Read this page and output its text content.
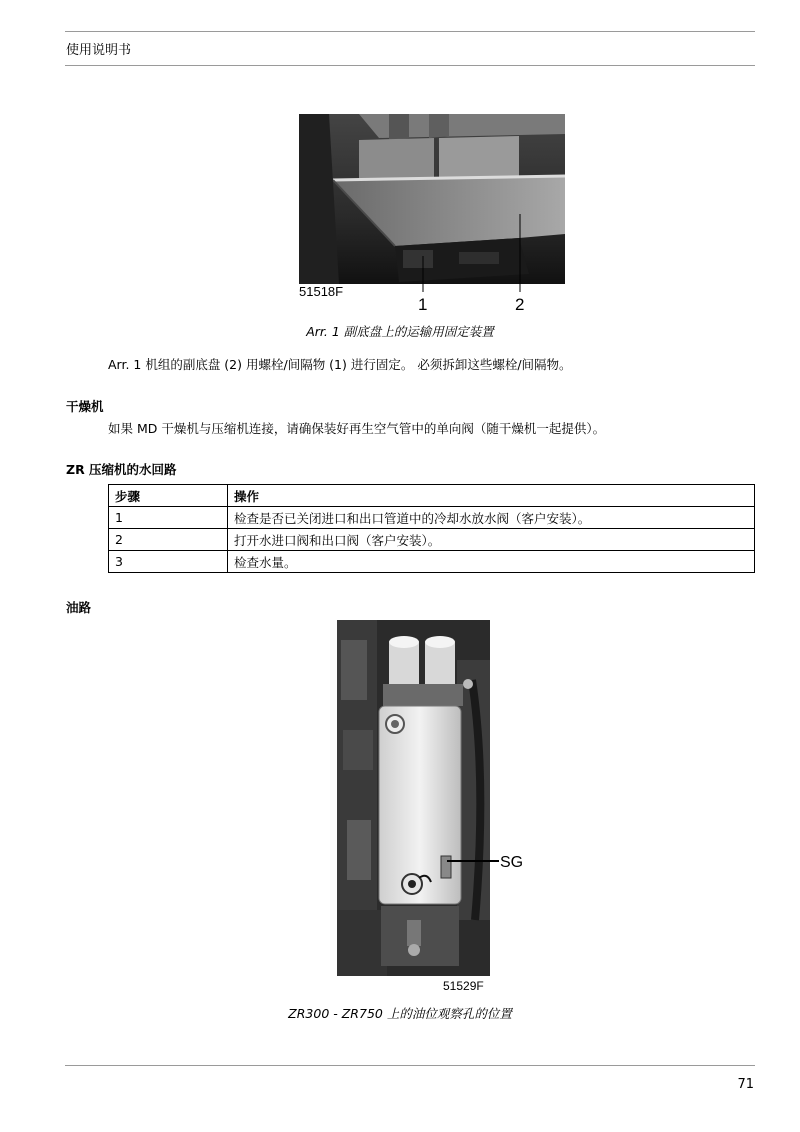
使用说明书
51518F
1	2
Arr. 1 副底盘上的运输用固定装置
Arr. 1 机组的副底盘 (2) 用螺栓/间隔物 (1) 进行固定。 必须拆卸这些螺栓/间隔物。
干燥机
如果 MD 干燥机与压缩机连接，请确保装好再生空气管中的单向阀（随干燥机一起提供）。
ZR 压缩机的水回路
步骤	操作
1	检查是否已关闭进口和出口管道中的冷却水放水阀（客户安装）。
2	打开水进口阀和出口阀（客户安装）。
3	检查水量。
油路
SG
51529F
ZR300 - ZR750 上的油位观察孔的位置
71
